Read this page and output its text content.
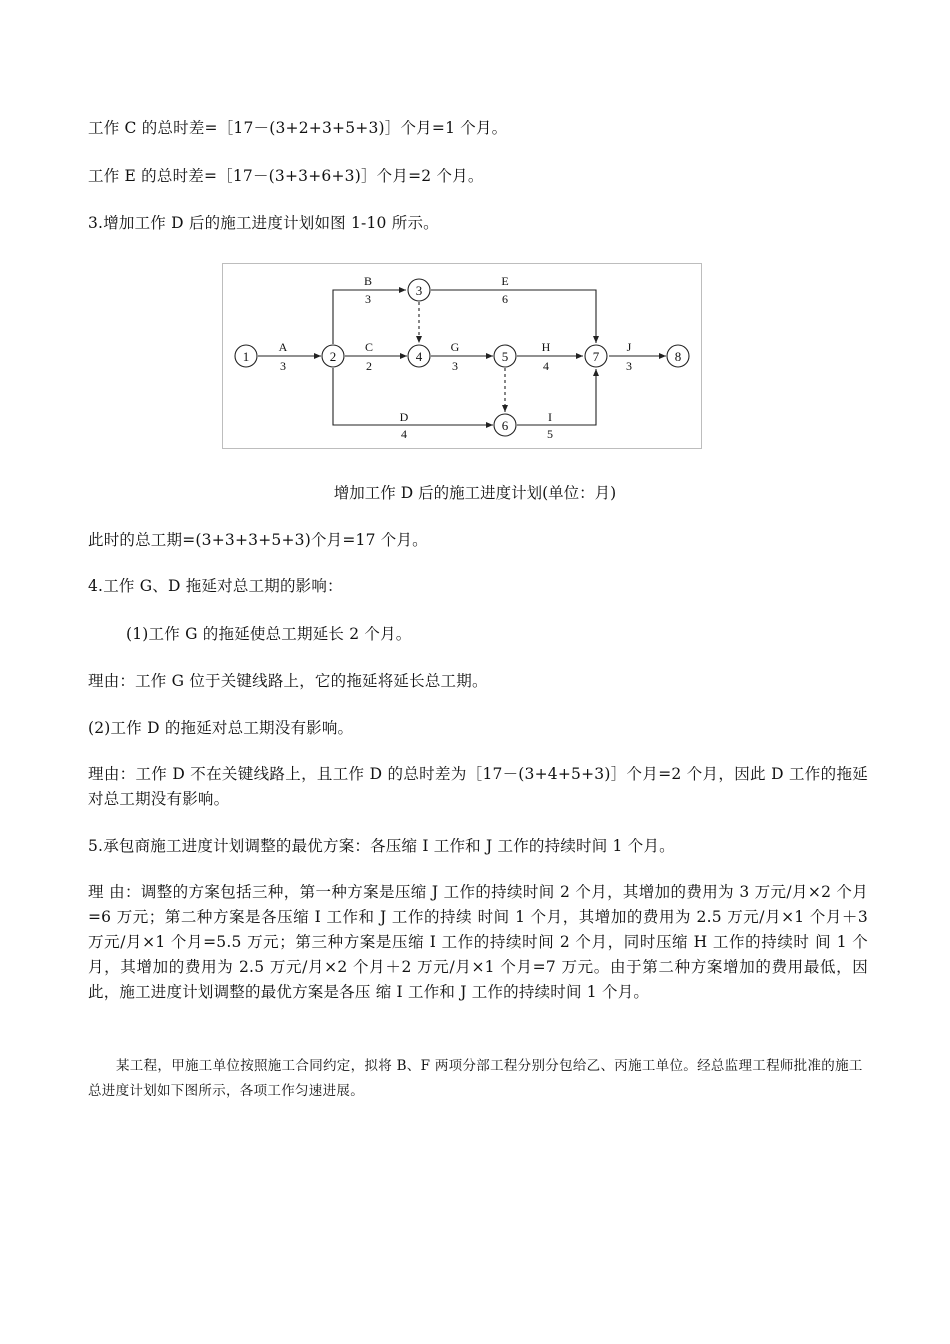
工作 C 的总时差=［17－(3+2+3+5+3)］个月=1 个月。
工作 E 的总时差=［17－(3+3+6+3)］个月=2 个月。
3.增加工作 D 后的施工进度计划如图 1-10 所示。
1	2
3
4	5
6
7	8
A
3
B
3
C
2
D
4
E
6
G
3
H
4
I
5
J
3
增加工作 D 后的施工进度计划(单位：月)
此时的总工期=(3+3+3+5+3)个月=17 个月。
4.工作 G、D 拖延对总工期的影响：
(1)工作 G 的拖延使总工期延长 2 个月。
理由：工作 G 位于关键线路上，它的拖延将延长总工期。
(2)工作 D 的拖延对总工期没有影响。
理由：工作 D 不在关键线路上，且工作 D 的总时差为［17－(3+4+5+3)］个月=2 个月，因此 D 工作的拖延对总工期没有影响。
5.承包商施工进度计划调整的最优方案：各压缩 I 工作和 J 工作的持续时间 1 个月。
理 由：调整的方案包括三种，第一种方案是压缩 J 工作的持续时间 2 个月，其增加的费用为 3 万元/月×2 个月=6 万元；第二种方案是各压缩 I 工作和 J 工作的持续 时间 1 个月，其增加的费用为 2.5 万元/月×1 个月＋3 万元/月×1 个月=5.5 万元；第三种方案是压缩 I 工作的持续时间 2 个月，同时压缩 H 工作的持续时 间 1 个月，其增加的费用为 2.5 万元/月×2 个月＋2 万元/月×1 个月=7 万元。由于第二种方案增加的费用最低，因此，施工进度计划调整的最优方案是各压 缩 I 工作和 J 工作的持续时间 1 个月。
某工程，甲施工单位按照施工合同约定，拟将 B、F 两项分部工程分别分包给乙、丙施工单位。经总监理工程师批准的施工总进度计划如下图所示，各项工作匀速进展。
